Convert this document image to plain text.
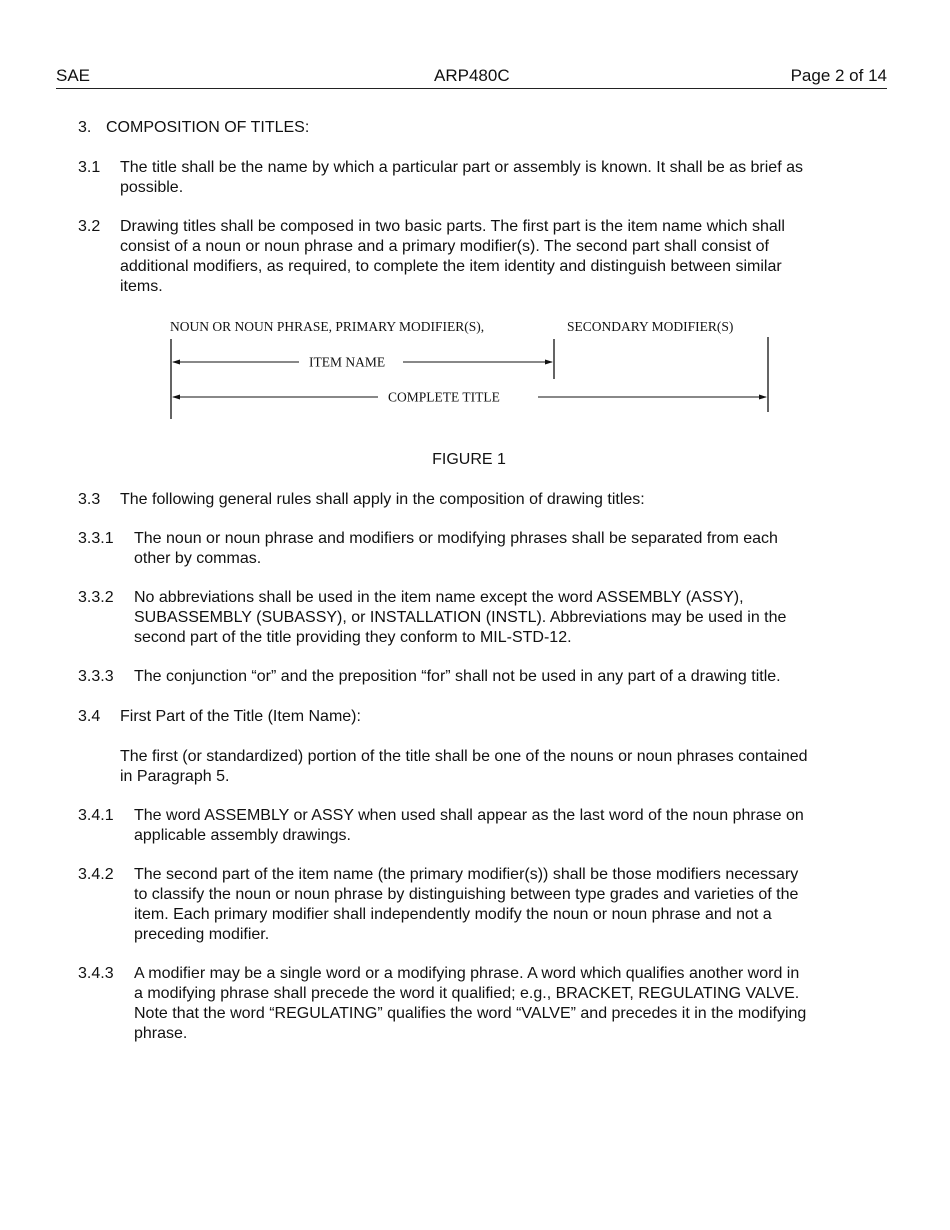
SAE	ARP480C	Page 2 of 14
3. COMPOSITION OF TITLES:
3.1 The title shall be the name by which a particular part or assembly is known. It shall be as brief as
possible.
3.2 Drawing titles shall be composed in two basic parts. The first part is the item name which shall
consist of a noun or noun phrase and a primary modifier(s). The second part shall consist of
additional modifiers, as required, to complete the item identity and distinguish between similar
items.
NOUN OR NOUN PHRASE, PRIMARY MODIFIER(S),	SECONDARY MODIFIER(S)
ITEM NAME
COMPLETE TITLE
FIGURE 1
3.3 The following general rules shall apply in the composition of drawing titles:
3.3.1 The noun or noun phrase and modifiers or modifying phrases shall be separated from each
other by commas.
3.3.2 No abbreviations shall be used in the item name except the word ASSEMBLY (ASSY),
SUBASSEMBLY (SUBASSY), or INSTALLATION (INSTL). Abbreviations may be used in the
second part of the title providing they conform to MIL-STD-12.
3.3.3 The conjunction “or” and the preposition “for” shall not be used in any part of a drawing title.
3.4 First Part of the Title (Item Name):
The first (or standardized) portion of the title shall be one of the nouns or noun phrases contained
in Paragraph 5.
3.4.1 The word ASSEMBLY or ASSY when used shall appear as the last word of the noun phrase on
applicable assembly drawings.
3.4.2 The second part of the item name (the primary modifier(s)) shall be those modifiers necessary
to classify the noun or noun phrase by distinguishing between type grades and varieties of the
item. Each primary modifier shall independently modify the noun or noun phrase and not a
preceding modifier.
3.4.3 A modifier may be a single word or a modifying phrase. A word which qualifies another word in
a modifying phrase shall precede the word it qualified; e.g., BRACKET, REGULATING VALVE.
Note that the word “REGULATING” qualifies the word “VALVE” and precedes it in the modifying
phrase.
